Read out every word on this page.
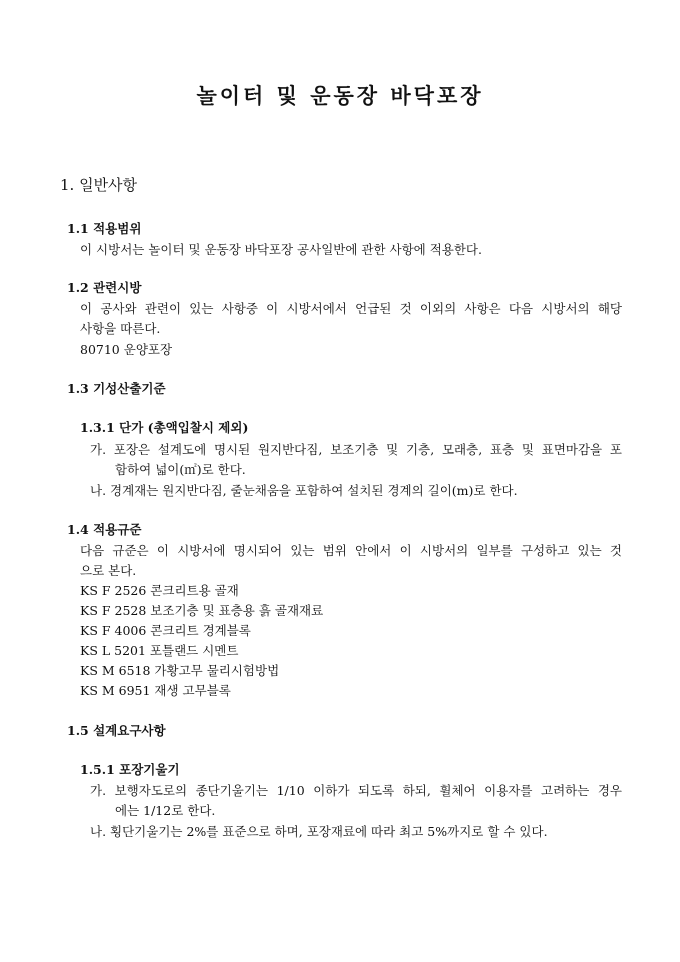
놀이터 및 운동장 바닥포장
1. 일반사항
1.1 적용범위
이 시방서는 놀이터 및 운동장 바닥포장 공사일반에 관한 사항에 적용한다.
1.2 관련시방
이 공사와 관련이 있는 사항중 이 시방서에서 언급된 것 이외의 사항은 다음 시방서의 해당
사항을 따른다.
80710 운양포장
1.3 기성산출기준
1.3.1 단가 (총액입찰시 제외)
가. 포장은 설계도에 명시된 원지반다짐, 보조기층 및 기층, 모래층, 표층 및 표면마감을 포
함하여 넓이(㎡)로 한다.
나. 경계재는 원지반다짐, 줄눈채움을 포함하여 설치된 경계의 길이(m)로 한다.
1.4 적용규준
다음 규준은 이 시방서에 명시되어 있는 범위 안에서 이 시방서의 일부를 구성하고 있는 것
으로 본다.
KS F 2526 콘크리트용 골재
KS F 2528 보조기층 및 표층용 흙 골재재료
KS F 4006 콘크리트 경계블록
KS L 5201 포틀랜드 시멘트
KS M 6518 가황고무 물리시험방법
KS M 6951 재생 고무블록
1.5 설계요구사항
1.5.1 포장기울기
가. 보행자도로의 종단기울기는 1/10 이하가 되도록 하되, 휠체어 이용자를 고려하는 경우
에는 1/12로 한다.
나. 횡단기울기는 2%를 표준으로 하며, 포장재료에 따라 최고 5%까지로 할 수 있다.
